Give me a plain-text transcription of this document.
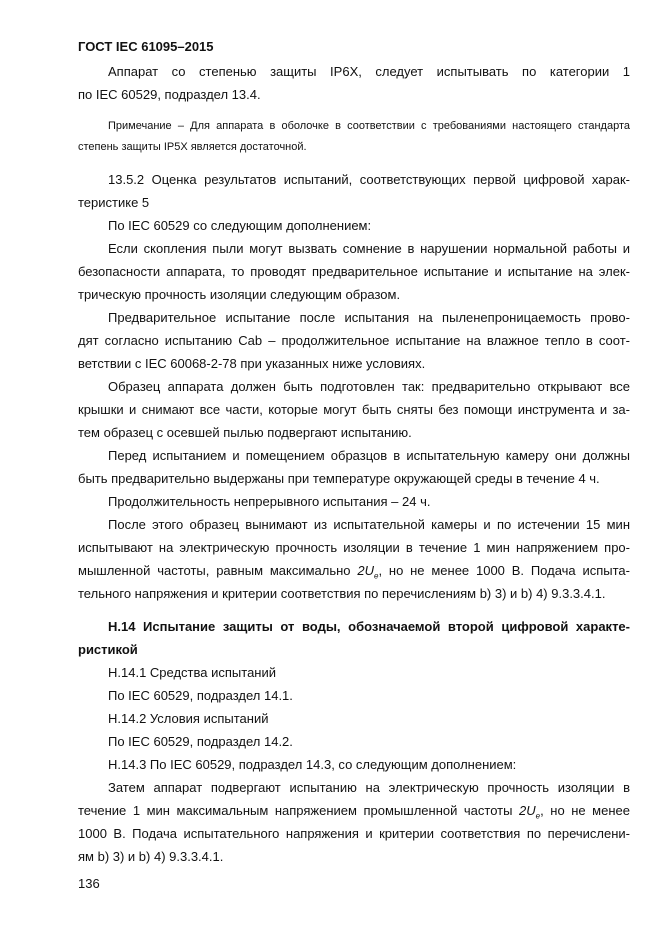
ГОСТ IEC 61095–2015
Аппарат со степенью защиты IP6X, следует испытывать по категории 1
по IEC 60529, подраздел 13.4.
Примечание – Для аппарата в оболочке в соответствии с требованиями настоящего стандарта
степень защиты IP5X является достаточной.
13.5.2 Оценка результатов испытаний, соответствующих первой цифровой харак-
теристике 5
По IEC 60529 со следующим дополнением:
Если скопления пыли могут вызвать сомнение в нарушении нормальной работы и
безопасности аппарата, то проводят предварительное испытание и испытание на элек-
трическую прочность изоляции следующим образом.
Предварительное испытание после испытания на пыленепроницаемость прово-
дят согласно испытанию Cab – продолжительное испытание на влажное тепло в соот-
ветствии с IEC 60068-2-78 при указанных ниже условиях.
Образец аппарата должен быть подготовлен так: предварительно открывают все
крышки и снимают все части, которые могут быть сняты без помощи инструмента и за-
тем образец с осевшей пылью подвергают испытанию.
Перед испытанием и помещением образцов в испытательную камеру они должны
быть предварительно выдержаны при температуре окружающей среды в течение 4 ч.
Продолжительность непрерывного испытания – 24 ч.
После этого образец вынимают из испытательной камеры и по истечении 15 мин
испытывают на электрическую прочность изоляции в течение 1 мин напряжением про-
мышленной частоты, равным максимально $2U_e$, но не менее 1000 В. Подача испыта-
тельного напряжения и критерии соответствия по перечислениям b) 3) и b) 4) 9.3.3.4.1.
Н.14 Испытание защиты от воды, обозначаемой второй цифровой характе-
ристикой
Н.14.1 Средства испытаний
По IEC 60529, подраздел 14.1.
Н.14.2 Условия испытаний
По IEC 60529, подраздел 14.2.
Н.14.3 По IEC 60529, подраздел 14.3, со следующим дополнением:
Затем аппарат подвергают испытанию на электрическую прочность изоляции в
течение 1 мин максимальным напряжением промышленной частоты $2U_e$, но не менее
1000 В. Подача испытательного напряжения и критерии соответствия по перечислени-
ям b) 3) и b) 4) 9.3.3.4.1.
136
